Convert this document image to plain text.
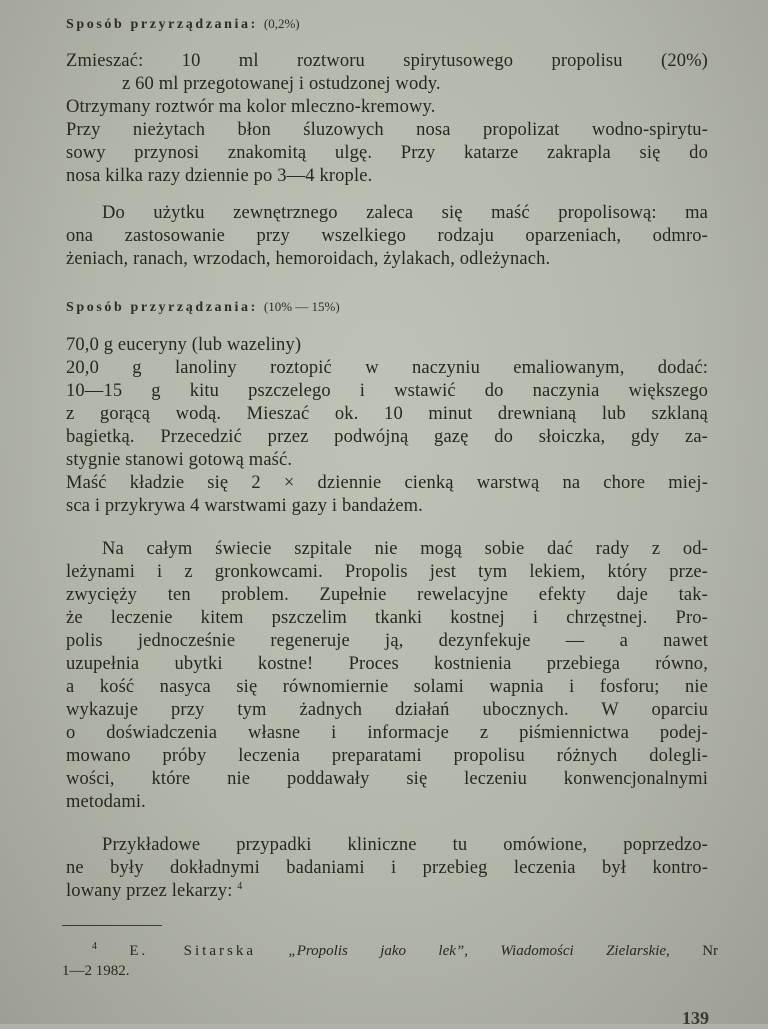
Sposób przyrządzania: (0,2%)
Zmieszać: 10 ml roztworu spirytusowego propolisu (20%)
z 60 ml przegotowanej i ostudzonej wody.
Otrzymany roztwór ma kolor mleczno-kremowy.
Przy nieżytach błon śluzowych nosa propolizat wodno-spirytu-
sowy przynosi znakomitą ulgę. Przy katarze zakrapla się do
nosa kilka razy dziennie po 3—4 krople.
Do użytku zewnętrznego zaleca się maść propolisową: ma
ona zastosowanie przy wszelkiego rodzaju oparzeniach, odmro-
żeniach, ranach, wrzodach, hemoroidach, żylakach, odleżynach.
Sposób przyrządzania: (10% — 15%)
70,0 g euceryny (lub wazeliny)
20,0 g lanoliny roztopić w naczyniu emaliowanym, dodać:
10—15 g kitu pszczelego i wstawić do naczynia większego
z gorącą wodą. Mieszać ok. 10 minut drewnianą lub szklaną
bagietką. Przecedzić przez podwójną gazę do słoiczka, gdy za-
stygnie stanowi gotową maść.
Maść kładzie się 2 × dziennie cienką warstwą na chore miej-
sca i przykrywa 4 warstwami gazy i bandażem.
Na całym świecie szpitale nie mogą sobie dać rady z od-
leżynami i z gronkowcami. Propolis jest tym lekiem, który prze-
zwycięży ten problem. Zupełnie rewelacyjne efekty daje tak-
że leczenie kitem pszczelim tkanki kostnej i chrzęstnej. Pro-
polis jednocześnie regeneruje ją, dezynfekuje — a nawet
uzupełnia ubytki kostne! Proces kostnienia przebiega równo,
a kość nasyca się równomiernie solami wapnia i fosforu; nie
wykazuje przy tym żadnych działań ubocznych. W oparciu
o doświadczenia własne i informacje z piśmiennictwa podej-
mowano próby leczenia preparatami propolisu różnych dolegli-
wości, które nie poddawały się leczeniu konwencjonalnymi
metodami.
Przykładowe przypadki kliniczne tu omówione, poprzedzo-
ne były dokładnymi badaniami i przebieg leczenia był kontro-
lowany przez lekarzy: $^4$
$^4$ E. Sitarska „Propolis jako lek”, Wiadomości Zielarskie, Nr
1—2 1982.
139
